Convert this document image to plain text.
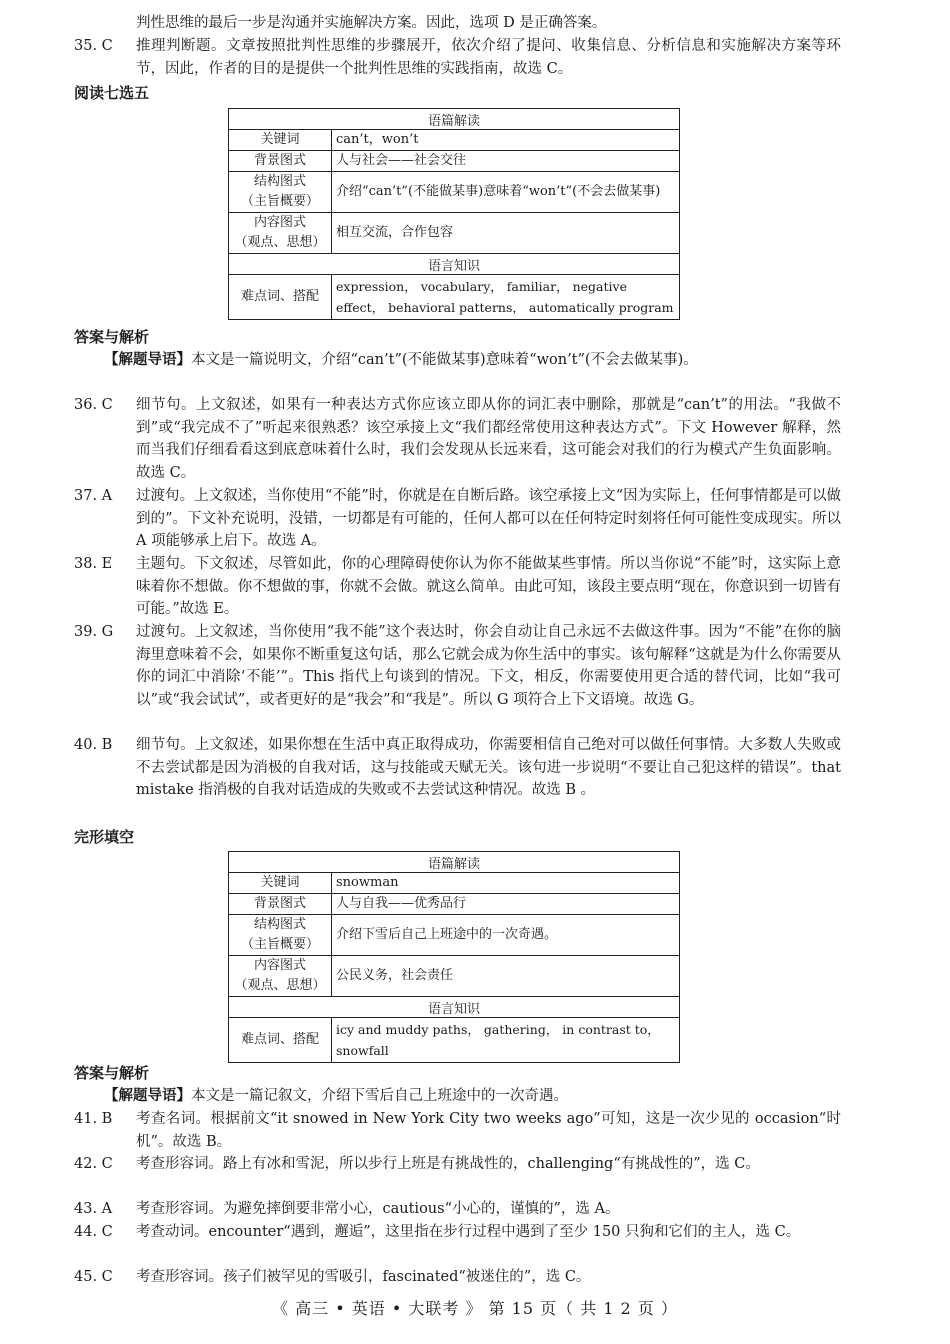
判性思维的最后一步是沟通并实施解决方案。因此，选项 D 是正确答案。
35. C 推理判断题。文章按照批判性思维的步骤展开，依次介绍了提问、收集信息、分析信息和实施解决方案等环节，因此，作者的目的是提供一个批判性思维的实践指南，故选 C。
阅读七选五
语篇解读	
关键词	can’t，won’t
背景图式	人与社会——社会交往
结构图式
（主旨概要）	介绍“can’t”(不能做某事)意味着“won’t”(不会去做某事)
内容图式
（观点、思想）	相互交流，合作包容
语言知识	
难点词、搭配	expression， vocabulary， familiar， negative effect， behavioral patterns， automatically program
答案与解析
【解题导语】本文是一篇说明文，介绍“can’t”(不能做某事)意味着“won’t”(不会去做某事)。
36. C 细节句。上文叙述，如果有一种表达方式你应该立即从你的词汇表中删除，那就是“can’t”的用法。“我做不到”或“我完成不了”听起来很熟悉？该空承接上文“我们都经常使用这种表达方式”。下文 However 解释，然而当我们仔细看看这到底意味着什么时，我们会发现从长远来看，这可能会对我们的行为模式产生负面影响。故选 C。
37. A 过渡句。上文叙述，当你使用“不能”时，你就是在自断后路。该空承接上文“因为实际上，任何事情都是可以做到的”。下文补充说明，没错，一切都是有可能的，任何人都可以在任何特定时刻将任何可能性变成现实。所以 A 项能够承上启下。故选 A。
38. E 主题句。下文叙述，尽管如此，你的心理障碍使你认为你不能做某些事情。所以当你说“不能”时，这实际上意味着你不想做。你不想做的事，你就不会做。就这么简单。由此可知，该段主要点明“现在，你意识到一切皆有可能。”故选 E。
39. G 过渡句。上文叙述，当你使用“我不能”这个表达时，你会自动让自己永远不去做这件事。因为“不能”在你的脑海里意味着不会，如果你不断重复这句话，那么它就会成为你生活中的事实。该句解释“这就是为什么你需要从你的词汇中消除‘不能’”。This 指代上句谈到的情况。下文，相反，你需要使用更合适的替代词，比如“我可以”或“我会试试”，或者更好的是“我会”和“我是”。所以 G 项符合上下文语境。故选 G。
40. B 细节句。上文叙述，如果你想在生活中真正取得成功，你需要相信自己绝对可以做任何事情。大多数人失败或不去尝试都是因为消极的自我对话，这与技能或天赋无关。该句进一步说明“不要让自己犯这样的错误”。that mistake 指消极的自我对话造成的失败或不去尝试这种情况。故选 B 。
完形填空
语篇解读	
关键词	snowman
背景图式	人与自我——优秀品行
结构图式
（主旨概要）	介绍下雪后自己上班途中的一次奇遇。
内容图式
（观点、思想）	公民义务，社会责任
语言知识	
难点词、搭配	icy and muddy paths， gathering， in contrast to， snowfall
答案与解析
【解题导语】本文是一篇记叙文，介绍下雪后自己上班途中的一次奇遇。
41. B 考查名词。根据前文“it snowed in New York City two weeks ago”可知，这是一次少见的 occasion“时机”。故选 B。
42. C 考查形容词。路上有冰和雪泥，所以步行上班是有挑战性的，challenging“有挑战性的”，选 C。
43. A 考查形容词。为避免摔倒要非常小心，cautious“小心的，谨慎的”，选 A。
44. C 考查动词。encounter“遇到，邂逅”，这里指在步行过程中遇到了至少 150 只狗和它们的主人，选 C。
45. C 考查形容词。孩子们被罕见的雪吸引，fascinated“被迷住的”，选 C。
《 高三 • 英语 • 大联考 》 第 15 页（ 共 1 2 页 ）
